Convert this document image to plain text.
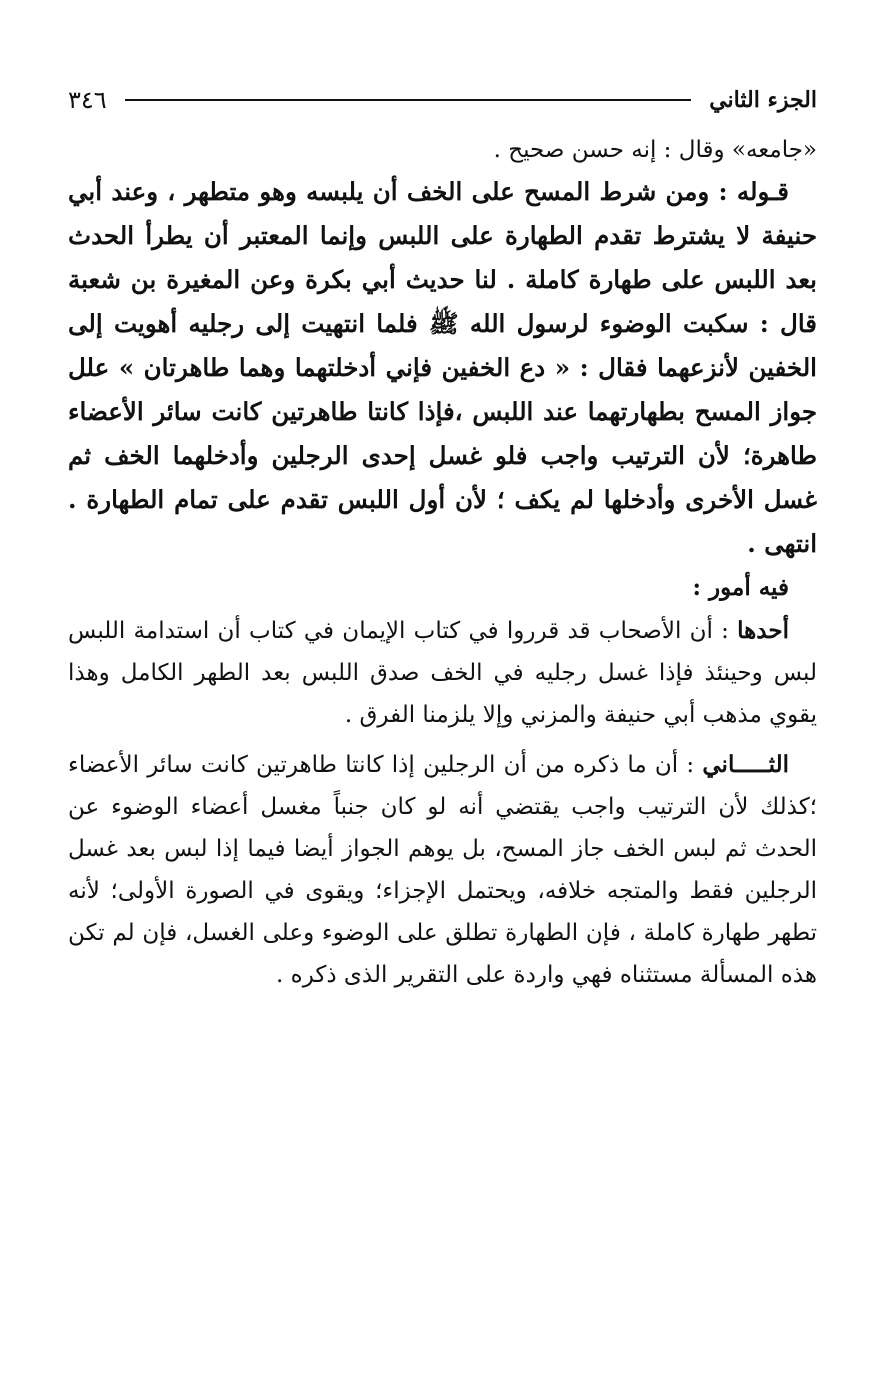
٣٤٦	الجزء الثاني

«جامعه» وقال : إنه حسن صحيح .

قـوله : ومن شرط المسح على الخف أن يلبسه وهو متطهر ، وعند أبي حنيفة لا يشترط تقدم الطهارة على اللبس وإنما المعتبر أن يطرأ الحدث بعد اللبس على طهارة كاملة . لنا حديث أبي بكرة وعن المغيرة بن شعبة قال : سكبت الوضوء لرسول الله ﷺ فلما انتهيت إلى رجليه أهويت إلى الخفين لأنزعهما فقال : « دع الخفين فإني أدخلتهما وهما طاهرتان » علل جواز المسح بطهارتهما عند اللبس ،فإذا كانتا طاهرتين كانت سائر الأعضاء طاهرة؛ لأن الترتيب واجب فلو غسل إحدى الرجلين وأدخلهما الخف ثم غسل الأخرى وأدخلها لم يكف ؛ لأن أول اللبس تقدم على تمام الطهارة . انتهى .

فيه أمور :

أحدها : أن الأصحاب قد قرروا في كتاب الإيمان في كتاب أن استدامة اللبس لبس وحينئذ فإذا غسل رجليه في الخف صدق اللبس بعد الطهر الكامل وهذا يقوي مذهب أبي حنيفة والمزني وإلا يلزمنا الفرق .

الثـــــاني : أن ما ذكره من أن الرجلين إذا كانتا طاهرتين كانت سائر الأعضاء ؛كذلك لأن الترتيب واجب يقتضي أنه لو كان جنباً مغسل أعضاء الوضوء عن الحدث ثم لبس الخف جاز المسح، بل يوهم الجواز أيضا فيما إذا لبس بعد غسل الرجلين فقط والمتجه خلافه، ويحتمل الإجزاء؛ ويقوى في الصورة الأولى؛ لأنه تطهر طهارة كاملة ، فإن الطهارة تطلق على الوضوء وعلى الغسل، فإن لم تكن هذه المسألة مستثناه فهي واردة على التقرير الذى ذكره .
